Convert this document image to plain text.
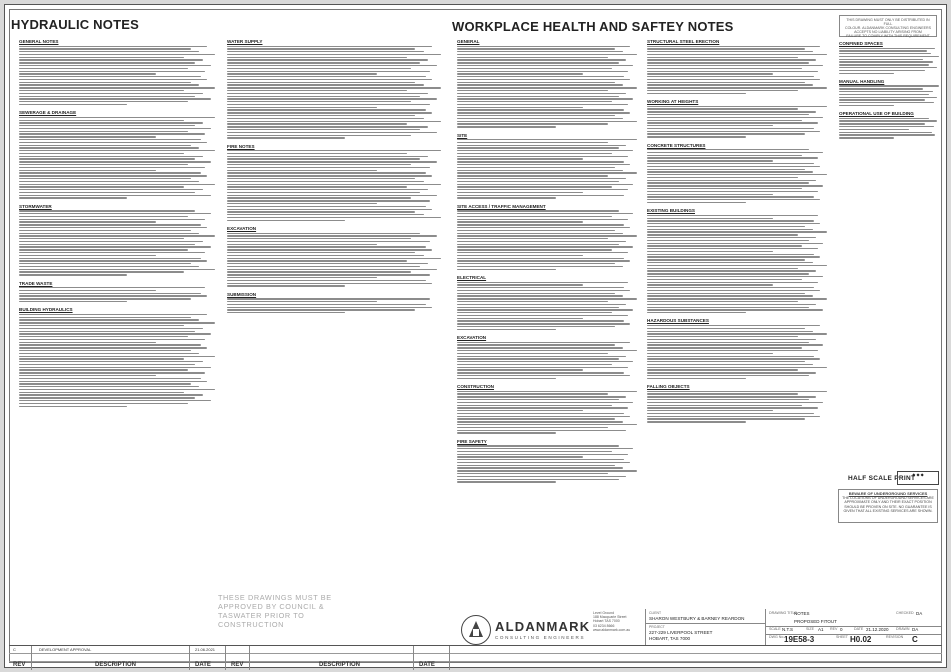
HYDRAULIC NOTES	WORKPLACE HEALTH AND SAFTEY NOTES
GENERAL NOTES
SEWERAGE & DRAINAGE
STORMWATER
TRADE WASTE
BUILDING HYDRAULICS
WATER SUPPLY
FIRE NOTES
EXCAVATION
SUBMISSION
GENERAL
SITE
SITE ACCESS / TRAFFIC MANAGEMENT
ELECTRICAL
EXCAVATION
CONSTRUCTION
FIRE SAFETY
STRUCTURAL STEEL ERECTION
WORKING AT HEIGHTS
CONCRETE STRUCTURES
EXISTING BUILDINGS
HAZARDOUS SUBSTANCES
FALLING OBJECTS
CONFINED SPACES
MANUAL HANDLING
OPERATIONAL USE OF BUILDING
THIS DRAWING MUST ONLY BE DISTRIBUTED IN FULL
COLOUR. ALDANMARK CONSULTING ENGINEERS
ACCEPTS NO LIABILITY ARISING FROM
FAILURE TO COMPLY WITH THIS REQUIREMENT
HALF SCALE PRINT
◆ ◆ ◆
BEWARE OF UNDERGROUND SERVICES
THE LOCATIONS OF UNDERGROUND SERVICES ARE APPROXIMATE ONLY AND THEIR EXACT POSITION SHOULD BE PROVEN ON SITE. NO GUARANTEE IS GIVEN THAT ALL EXISTING SERVICES ARE SHOWN.
THESE DRAWINGS MUST BE APPROVED BY COUNCIL & TASWATER PRIOR TO CONSTRUCTION	ALDANMARK
CONSULTING ENGINEERS
Level Ground
188 Macquarie Street
Hobart TAS 7000
03 6234 8666
www.aldanmark.com.au
CLIENT
SHARON WESTBURY & BARNEY REARDON
PROJECT
227-229 LIVERPOOL STREET
HOBART, TAS 7000
DRAWING TITLE
NOTES
PROPOSED FITOUT
SCALE N.T.S	SIZE A1 REV 0	DATE 21.12.2020 DRAWN DA
DWG No. 19E58-3	SHEET H0.02	REVISION C
CHECKED DA
C	DEVELOPMENT APPROVAL	21.06.2021
REV	DESCRIPTION	DATE	REV	DESCRIPTION	DATE
